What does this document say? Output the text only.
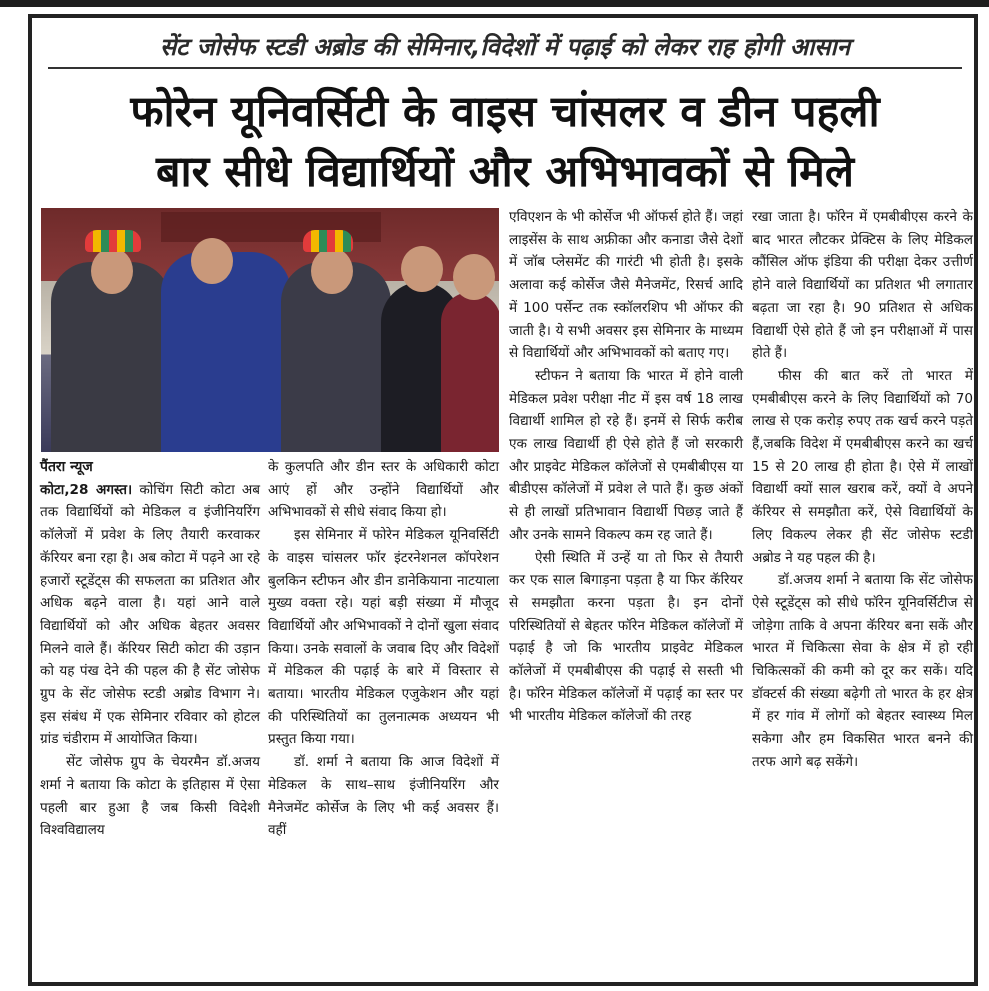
सेंट जोसेफ स्टडी अब्रोड की सेमिनार,विदेशों में पढ़ाई को लेकर राह होगी आसान
फोरेन यूनिवर्सिटी के वाइस चांसलर व डीन पहली
बार सीधे विद्यार्थियों और अभिभावकों से मिले

पैंतरा न्यूज

कोटा,28 अगस्त। कोचिंग सिटी कोटा अब तक विद्यार्थियों को मेडिकल व इंजीनियरिंग कॉलेजों में प्रवेश के लिए तैयारी करवाकर कॅरियर बना रहा है। अब कोटा में पढ़ने आ रहे हजारों स्टूडेंट्स की सफलता का प्रतिशत और अधिक बढ़ने वाला है। यहां आने वाले विद्यार्थियों को और अधिक बेहतर अवसर मिलने वाले हैं। कॅरियर सिटी कोटा की उड़ान को यह पंख देने की पहल की है सेंट जोसेफ ग्रुप के सेंट जोसेफ स्टडी अब्रोड विभाग ने। इस संबंध में एक सेमिनार रविवार को होटल ग्रांड चंडीराम में आयोजित किया।

सेंट जोसेफ ग्रुप के चेयरमैन डॉ.अजय शर्मा ने बताया कि कोटा के इतिहास में ऐसा पहली बार हुआ है जब किसी विदेशी विश्वविद्यालय

के कुलपति और डीन स्तर के अधिकारी कोटा आएं हों और उन्होंने विद्यार्थियों और अभिभावकों से सीधे संवाद किया हो।

इस सेमिनार में फोरेन मेडिकल यूनिवर्सिटी के वाइस चांसलर फॉर इंटरनेशनल कॉपरेशन बुलकिन स्टीफन और डीन डानेकियाना नाटयाला मुख्य वक्ता रहे। यहां बड़ी संख्या में मौजूद विद्यार्थियों और अभिभावकों ने दोनों खुला संवाद किया। उनके सवालों के जवाब दिए और विदेशों में मेडिकल की पढ़ाई के बारे में विस्तार से बताया। भारतीय मेडिकल एजुकेशन और यहां की परिस्थितियों का तुलनात्मक अध्ययन भी प्रस्तुत किया गया।

डॉ. शर्मा ने बताया कि आज विदेशों में मेडिकल के साथ–साथ इंजीनियरिंग और मैनेजमेंट कोर्सेज के लिए भी कई अवसर हैं। वहीं

एविएशन के भी कोर्सेज भी ऑफर्स होते हैं। जहां लाइसेंस के साथ अफ्रीका और कनाडा जैसे देशों में जॉब प्लेसमेंट की गारंटी भी होती है। इसके अलावा कई कोर्सेज जैसे मैनेजमेंट, रिसर्च आदि में 100 पर्सेन्ट तक स्कॉलरशिप भी ऑफर की जाती है। ये सभी अवसर इस सेमिनार के माध्यम से विद्यार्थियों और अभिभावकों को बताए गए।

स्टीफन ने बताया कि भारत में होने वाली मेडिकल प्रवेश परीक्षा नीट में इस वर्ष 18 लाख विद्यार्थी शामिल हो रहे हैं। इनमें से सिर्फ करीब एक लाख विद्यार्थी ही ऐसे होते हैं जो सरकारी और प्राइवेट मेडिकल कॉलेजों से एमबीबीएस या बीडीएस कॉलेजों में प्रवेश ले पाते हैं। कुछ अंकों से ही लाखों प्रतिभावान विद्यार्थी पिछड़ जाते हैं और उनके सामने विकल्प कम रह जाते हैं।

ऐसी स्थिति में उन्हें या तो फिर से तैयारी कर एक साल बिगाड़ना पड़ता है या फिर कॅरियर से समझौता करना पड़ता है। इन दोनों परिस्थितियों से बेहतर फॉरेन मेडिकल कॉलेजों में पढ़ाई है जो कि भारतीय प्राइवेट मेडिकल कॉलेजों में एमबीबीएस की पढ़ाई से सस्ती भी है। फॉरेन मेडिकल कॉलेजों में पढ़ाई का स्तर पर भी भारतीय मेडिकल कॉलेजों की तरह

रखा जाता है। फॉरेन में एमबीबीएस करने के बाद भारत लौटकर प्रेक्टिस के लिए मेडिकल कौंसिल ऑफ इंडिया की परीक्षा देकर उत्तीर्ण होने वाले विद्यार्थियों का प्रतिशत भी लगातार बढ़ता जा रहा है। 90 प्रतिशत से अधिक विद्यार्थी ऐसे होते हैं जो इन परीक्षाओं में पास होते हैं।

फीस की बात करें तो भारत में एमबीबीएस करने के लिए विद्यार्थियों को 70 लाख से एक करोड़ रुपए तक खर्च करने पड़ते हैं,जबकि विदेश में एमबीबीएस करने का खर्च 15 से 20 लाख ही होता है। ऐसे में लाखों विद्यार्थी क्यों साल खराब करें, क्यों वे अपने कॅरियर से समझौता करें, ऐसे विद्यार्थियों के लिए विकल्प लेकर ही सेंट जोसेफ स्टडी अब्रोड ने यह पहल की है।

डॉ.अजय शर्मा ने बताया कि सेंट जोसेफ ऐसे स्टूडेंट्स को सीधे फॉरेन यूनिवर्सिटीज से जोड़ेगा ताकि वे अपना कॅरियर बना सकें और भारत में चिकित्सा सेवा के क्षेत्र में हो रही चिकित्सकों की कमी को दूर कर सकें। यदि डॉक्टर्स की संख्या बढ़ेगी तो भारत के हर क्षेत्र में हर गांव में लोगों को बेहतर स्वास्थ्य मिल सकेगा और हम विकसित भारत बनने की तरफ आगे बढ़ सकेंगे।
